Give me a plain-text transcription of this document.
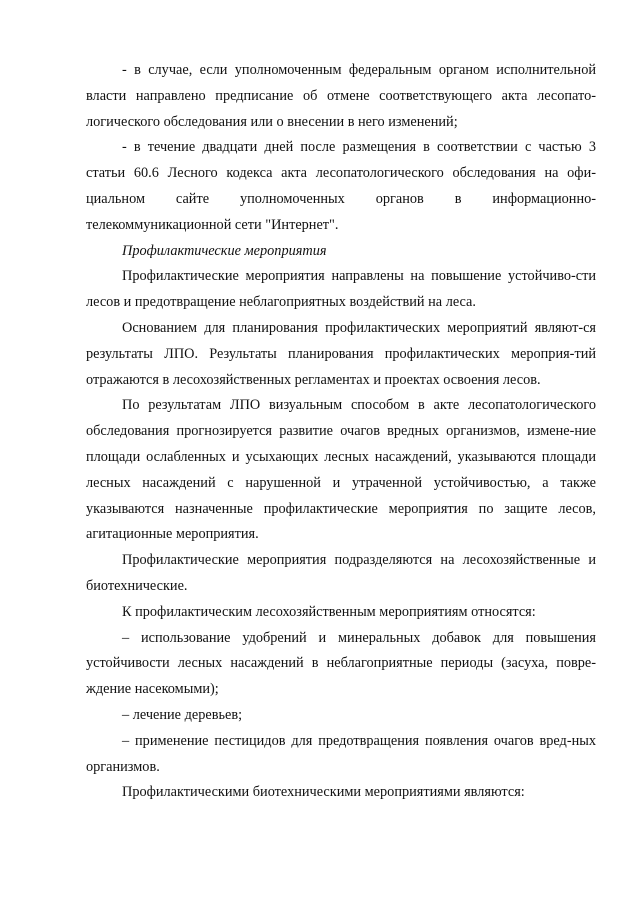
- в случае, если уполномоченным федеральным органом исполнительной власти направлено предписание об отмене соответствующего акта лесопато-логического обследования или о внесении в него изменений;

- в течение двадцати дней после размещения в соответствии с частью 3 статьи 60.6 Лесного кодекса акта лесопатологического обследования на офи-циальном сайте уполномоченных органов в информационно-телекоммуникационной сети "Интернет".

Профилактические мероприятия

Профилактические мероприятия направлены на повышение устойчиво-сти лесов и предотвращение неблагоприятных воздействий на леса.

Основанием для планирования профилактических мероприятий являют-ся результаты ЛПО. Результаты планирования профилактических мероприя-тий отражаются в лесохозяйственных регламентах и проектах освоения лесов.

По результатам ЛПО визуальным способом в акте лесопатологического обследования прогнозируется развитие очагов вредных организмов, измене-ние площади ослабленных и усыхающих лесных насаждений, указываются площади лесных насаждений с нарушенной и утраченной устойчивостью, а также указываются назначенные профилактические мероприятия по защите лесов, агитационные мероприятия.

Профилактические мероприятия подразделяются на лесохозяйственные и биотехнические.

К профилактическим лесохозяйственным мероприятиям относятся:

– использование удобрений и минеральных добавок для повышения устойчивости лесных насаждений в неблагоприятные периоды (засуха, повре-ждение насекомыми);

– лечение деревьев;

– применение пестицидов для предотвращения появления очагов вред-ных организмов.

Профилактическими биотехническими мероприятиями являются:
